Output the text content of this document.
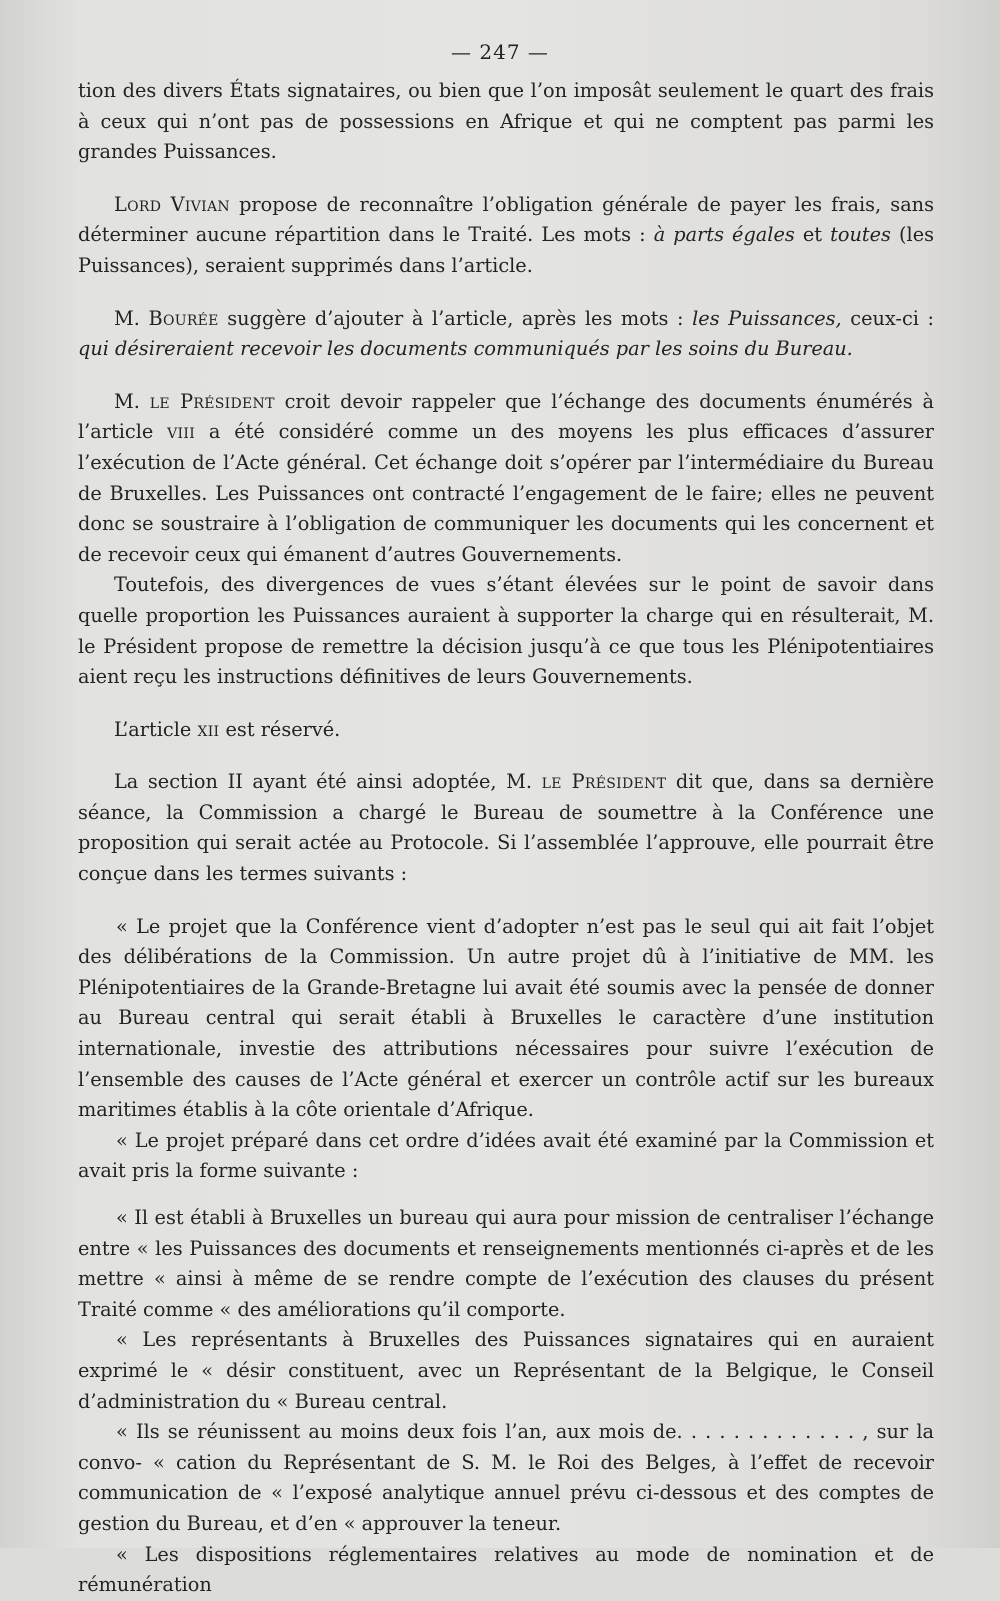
— 247 —

tion des divers États signataires, ou bien que l’on imposât seulement le quart des frais à ceux qui n’ont pas de possessions en Afrique et qui ne comptent pas parmi les grandes Puissances.

Lord Vivian propose de reconnaître l’obligation générale de payer les frais, sans déterminer aucune répartition dans le Traité. Les mots : à parts égales et toutes (les Puissances), seraient supprimés dans l’article.

M. Bourée suggère d’ajouter à l’article, après les mots : les Puissances, ceux-ci : qui désireraient recevoir les documents communiqués par les soins du Bureau.

M. le Président croit devoir rappeler que l’échange des documents énumérés à l’article viii a été considéré comme un des moyens les plus efficaces d’assurer l’exécution de l’Acte général. Cet échange doit s’opérer par l’intermédiaire du Bureau de Bruxelles. Les Puissances ont contracté l’engagement de le faire; elles ne peuvent donc se soustraire à l’obligation de communiquer les documents qui les concernent et de recevoir ceux qui émanent d’autres Gouvernements.

Toutefois, des divergences de vues s’étant élevées sur le point de savoir dans quelle proportion les Puissances auraient à supporter la charge qui en résulterait, M. le Président propose de remettre la décision jusqu’à ce que tous les Plénipotentiaires aient reçu les instructions définitives de leurs Gouvernements.

L’article xii est réservé.

La section II ayant été ainsi adoptée, M. le Président dit que, dans sa dernière séance, la Commission a chargé le Bureau de soumettre à la Conférence une proposition qui serait actée au Protocole. Si l’assemblée l’approuve, elle pourrait être conçue dans les termes suivants :

« Le projet que la Conférence vient d’adopter n’est pas le seul qui ait fait l’objet des délibérations de la Commission. Un autre projet dû à l’initiative de MM. les Plénipotentiaires de la Grande-Bretagne lui avait été soumis avec la pensée de donner au Bureau central qui serait établi à Bruxelles le caractère d’une institution internationale, investie des attributions nécessaires pour suivre l’exécution de l’ensemble des causes de l’Acte général et exercer un contrôle actif sur les bureaux maritimes établis à la côte orientale d’Afrique.

« Le projet préparé dans cet ordre d’idées avait été examiné par la Commission et avait pris la forme suivante :

« Il est établi à Bruxelles un bureau qui aura pour mission de centraliser l’échange entre « les Puissances des documents et renseignements mentionnés ci-après et de les mettre « ainsi à même de se rendre compte de l’exécution des clauses du présent Traité comme « des améliorations qu’il comporte.

« Les représentants à Bruxelles des Puissances signataires qui en auraient exprimé le « désir constituent, avec un Représentant de la Belgique, le Conseil d’administration du « Bureau central.

« Ils se réunissent au moins deux fois l’an, aux mois de. . . . . . . . . . . . . , sur la convo- « cation du Représentant de S. M. le Roi des Belges, à l’effet de recevoir communication de « l’exposé analytique annuel prévu ci-dessous et des comptes de gestion du Bureau, et d’en « approuver la teneur.

« Les dispositions réglementaires relatives au mode de nomination et de rémunération
